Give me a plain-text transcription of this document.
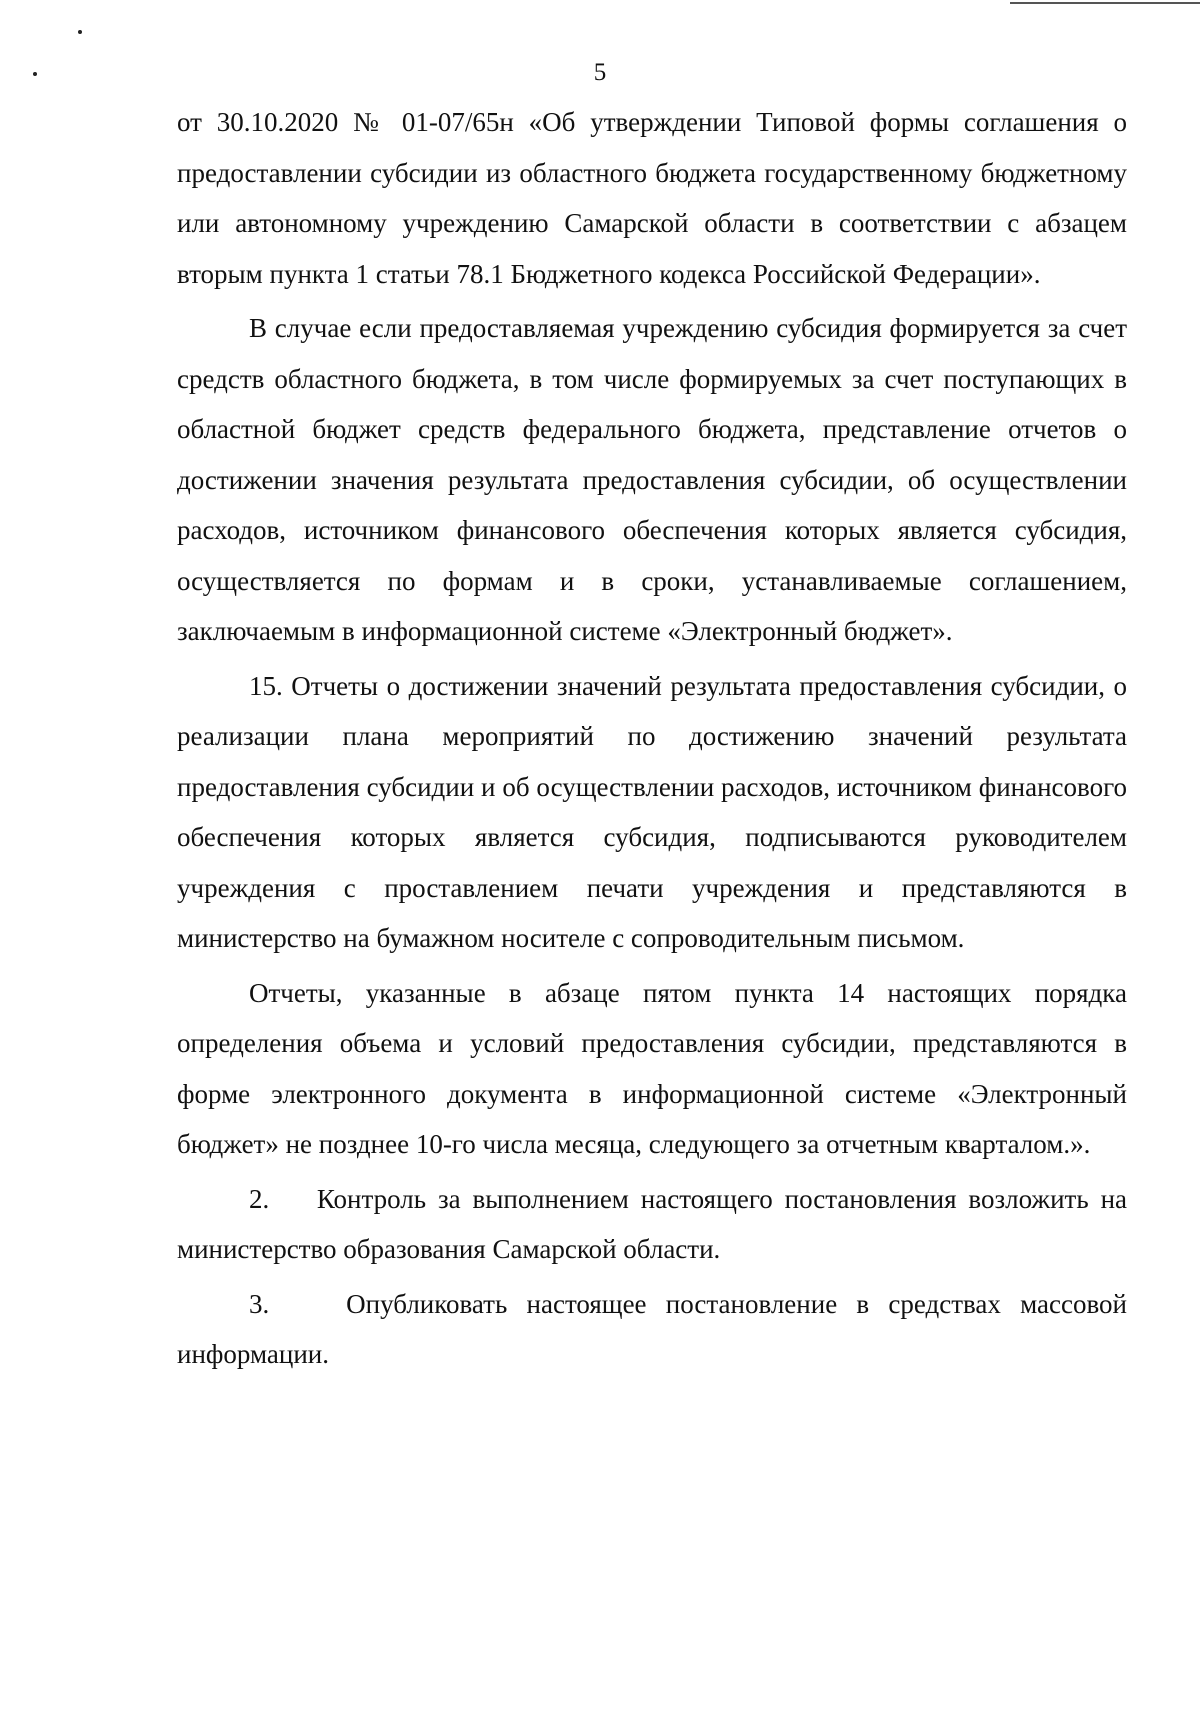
5

от 30.10.2020 № 01-07/65н «Об утверждении Типовой формы соглашения о предоставлении субсидии из областного бюджета государственному бюджетному или автономному учреждению Самарской области в соответствии с абзацем вторым пункта 1 статьи 78.1 Бюджетного кодекса Российской Федерации».

В случае если предоставляемая учреждению субсидия формируется за счет средств областного бюджета, в том числе формируемых за счет поступающих в областной бюджет средств федерального бюджета, представление отчетов о достижении значения результата предоставления субсидии, об осуществлении расходов, источником финансового обеспечения которых является субсидия, осуществляется по формам и в сроки, устанавливаемые соглашением, заключаемым в информационной системе «Электронный бюджет».

15. Отчеты о достижении значений результата предоставления субсидии, о реализации плана мероприятий по достижению значений результата предоставления субсидии и об осуществлении расходов, источником финансового обеспечения которых является субсидия, подписываются руководителем учреждения с проставлением печати учреждения и представляются в министерство на бумажном носителе с сопроводительным письмом.

Отчеты, указанные в абзаце пятом пункта 14 настоящих порядка определения объема и условий предоставления субсидии, представляются в форме электронного документа в информационной системе «Электронный бюджет» не позднее 10-го числа месяца, следующего за отчетным кварталом.».

2.    Контроль за выполнением настоящего постановления возложить на министерство образования Самарской области.

3.    Опубликовать настоящее постановление в средствах массовой информации.
